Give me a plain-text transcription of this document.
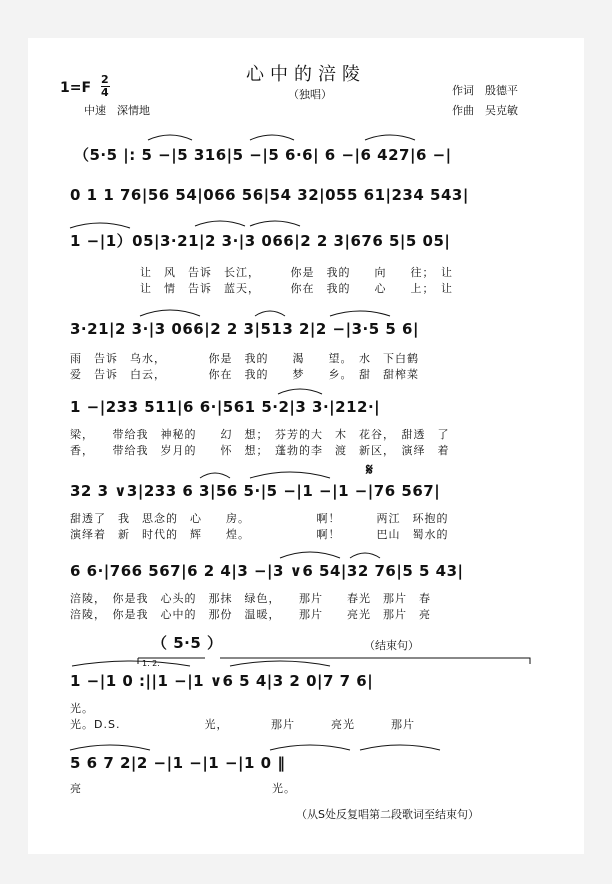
心中的涪陵
（独唱）
1=F
2
4
中速　深情地
作词　殷德平
作曲　吴克敏
（5·5 |: 5 −|5 316|5 −|5 6·6| 6 −|6 427|6 −|
0 1 1 76|56 54|066 56|54 32|055 61|234 543|
1 −|1）05|3·21|2 3·|3 066|2 2 3|676 5|5 05|
让　风　告诉　长江，　　　你是　我的　　向　　往；　让
让　情　告诉　蓝天，　　　你在　我的　　心　　上；　让
3·21|2 3·|3 066|2 2 3|513 2|2 −|3·5 5 6|
雨　告诉　乌水，　　　　你是　我的　　渴　　望。　水　下白鹤
爱　告诉　白云，　　　　你在　我的　　梦　　乡。　甜　甜榨菜
1 −|233 511|6 6·|561 5·2|3 3·|212·|
梁，　　带给我　神秘的　　幻　想；　芬芳的大　木　花谷，　甜透　了
香，　　带给我　岁月的　　怀　想；　蓬勃的李　渡　新区，　演绎　着
𝄋
32 3 ∨3|233 6 3|56 5·|5 −|1 −|1 −|76 567|
甜透了　我　思念的　心　　房。　　　　　　啊！　　　两江　环抱的
演绎着　新　时代的　辉　　煌。　　　　　　啊！　　　巴山　蜀水的
6 6·|766 567|6 2 4|3 −|3 ∨6 54|32 76|5 5 43|
涪陵，　你是我　心头的　那抹　绿色，　　那片　　春光　那片　春
涪陵，　你是我　心中的　那份　温暖，　　那片　　亮光　那片　亮
（ 5·5 ）	（结束句）
1. 2.
1 −|1 0 :||1 −|1 ∨6 5 4|3 2 0|7 7 6|
光。
光。D.S.　　　　　　　光，　　　　那片　　　亮光　　　那片
5 6 7 2|2 −|1 −|1 −|1 0 ‖
亮	光。
（从S处反复唱第二段歌词至结束句）
